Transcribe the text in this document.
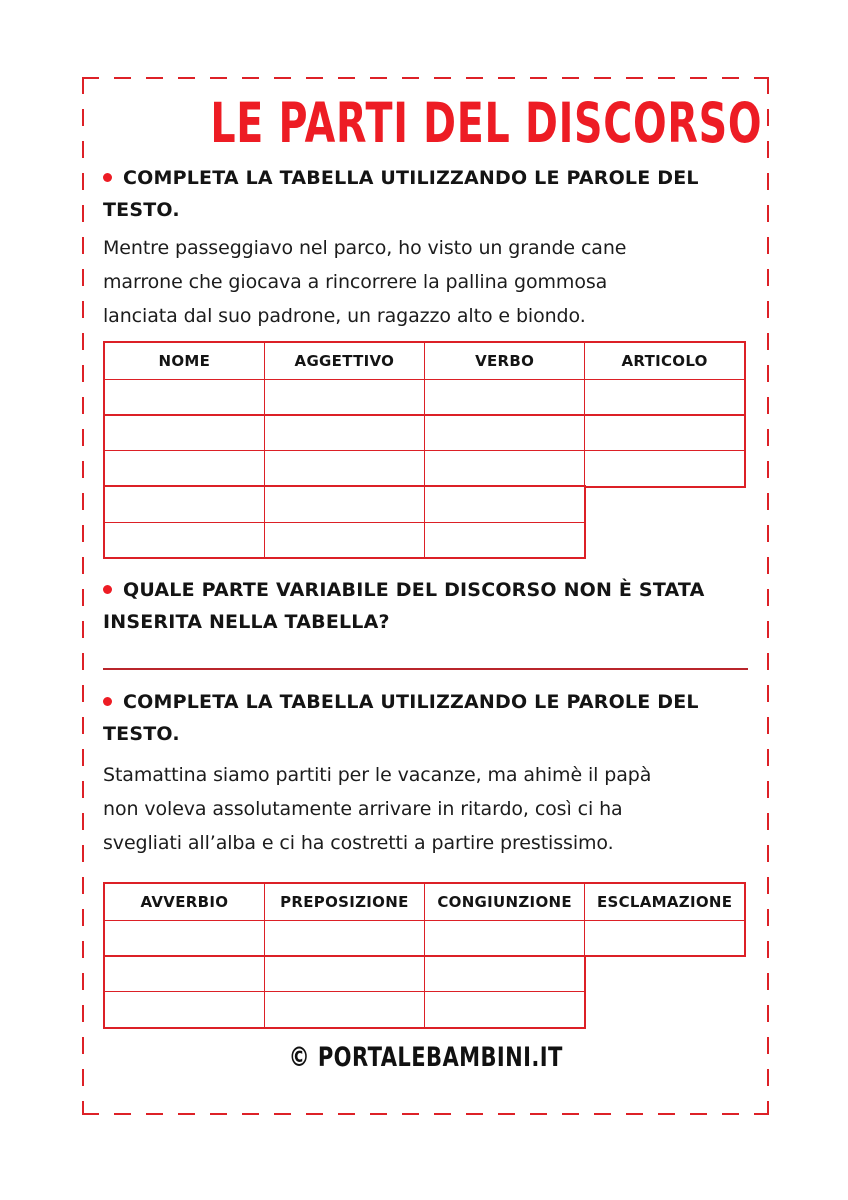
LE PARTI DEL DISCORSO
COMPLETA LA TABELLA UTILIZZANDO LE PAROLE DEL
TESTO.
Mentre passeggiavo nel parco, ho visto un grande cane
marrone che giocava a rincorrere la pallina gommosa
lanciata dal suo padrone, un ragazzo alto e biondo.
NOME	AGGETTIVO	VERBO	ARTICOLO

QUALE PARTE VARIABILE DEL DISCORSO NON È STATA
INSERITA NELLA TABELLA?
COMPLETA LA TABELLA UTILIZZANDO LE PAROLE DEL
TESTO.
Stamattina siamo partiti per le vacanze, ma ahimè il papà
non voleva assolutamente arrivare in ritardo, così ci ha
svegliati all’alba e ci ha costretti a partire prestissimo.
AVVERBIO	PREPOSIZIONE	CONGIUNZIONE	ESCLAMAZIONE

© PORTALEBAMBINI.IT
